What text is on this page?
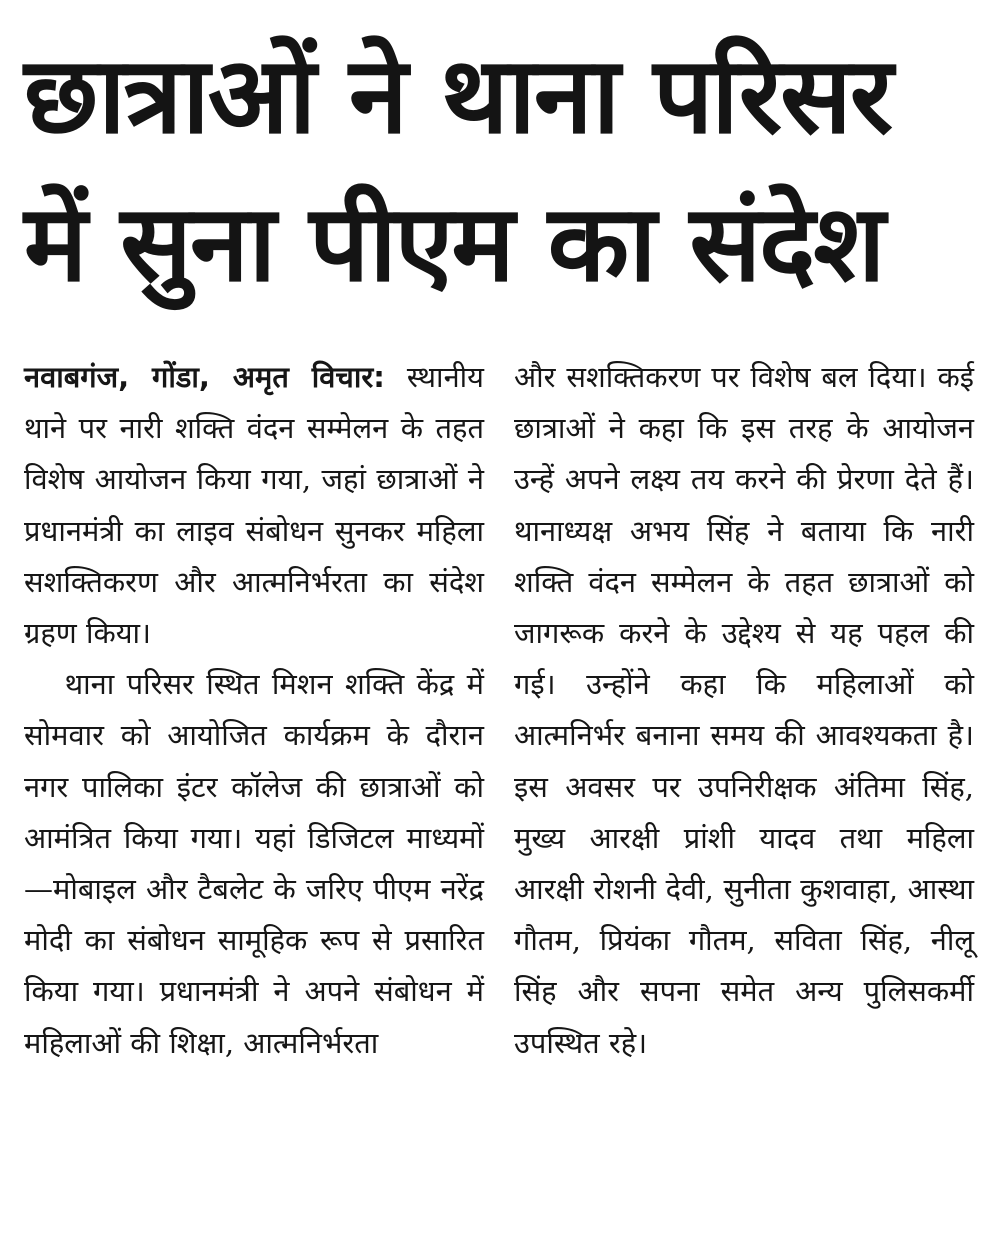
छात्राओं ने थाना परिसर
में सुना पीएम का संदेश

नवाबगंज, गोंडा, अमृत विचार: स्थानीय थाने पर नारी शक्ति वंदन सम्मेलन के तहत विशेष आयोजन किया गया, जहां छात्राओं ने प्रधानमंत्री का लाइव संबोधन सुनकर महिला सशक्तिकरण और आत्मनिर्भरता का संदेश ग्रहण किया।

थाना परिसर स्थित मिशन शक्ति केंद्र में सोमवार को आयोजित कार्यक्रम के दौरान नगर पालिका इंटर कॉलेज की छात्राओं को आमंत्रित किया गया। यहां डिजिटल माध्यमों—मोबाइल और टैबलेट के जरिए पीएम नरेंद्र मोदी का संबोधन सामूहिक रूप से प्रसारित किया गया। प्रधानमंत्री ने अपने संबोधन में महिलाओं की शिक्षा, आत्मनिर्भरता

और सशक्तिकरण पर विशेष बल दिया। कई छात्राओं ने कहा कि इस तरह के आयोजन उन्हें अपने लक्ष्य तय करने की प्रेरणा देते हैं। थानाध्यक्ष अभय सिंह ने बताया कि नारी शक्ति वंदन सम्मेलन के तहत छात्राओं को जागरूक करने के उद्देश्य से यह पहल की गई। उन्होंने कहा कि महिलाओं को आत्मनिर्भर बनाना समय की आवश्यकता है। इस अवसर पर उपनिरीक्षक अंतिमा सिंह, मुख्य आरक्षी प्रांशी यादव तथा महिला आरक्षी रोशनी देवी, सुनीता कुशवाहा, आस्था गौतम, प्रियंका गौतम, सविता सिंह, नीलू सिंह और सपना समेत अन्य पुलिसकर्मी उपस्थित रहे।
